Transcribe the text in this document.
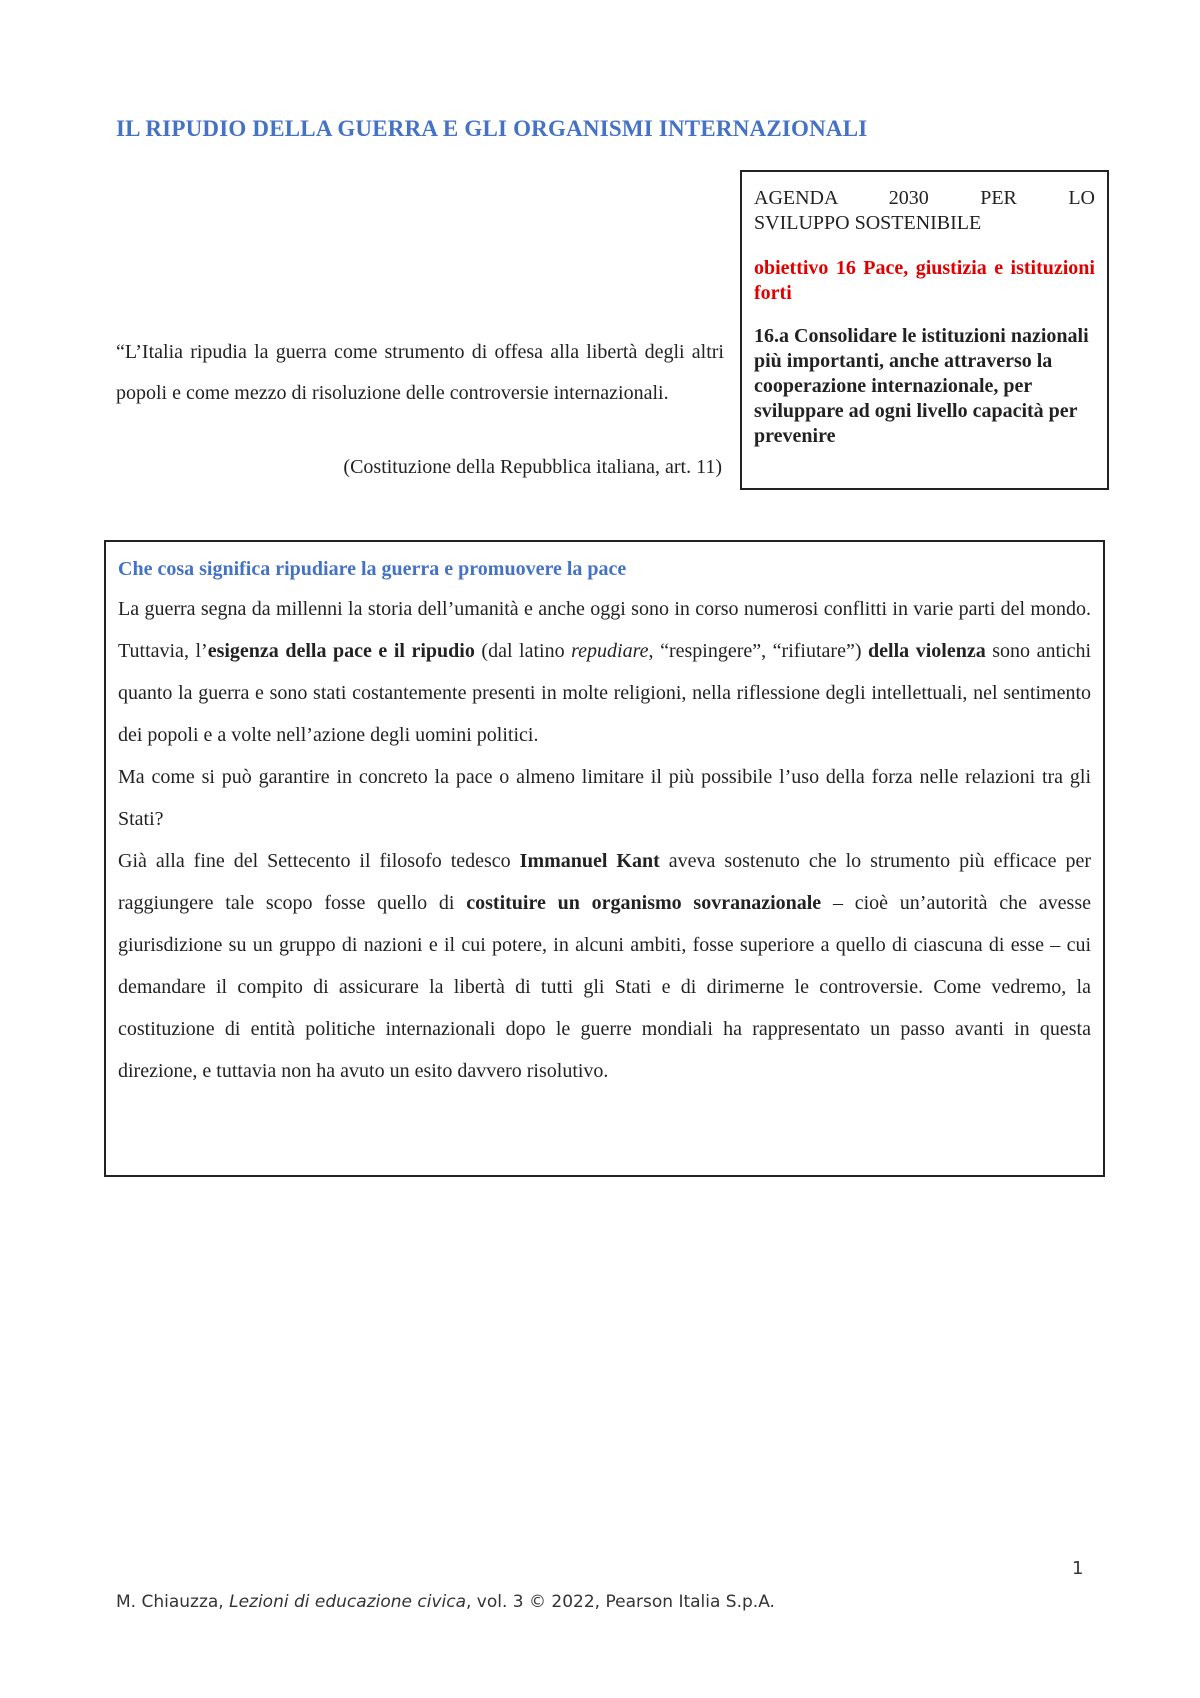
IL RIPUDIO DELLA GUERRA E GLI ORGANISMI INTERNAZIONALI
AGENDA 2030 PER LO
SVILUPPO SOSTENIBILE
obiettivo 16 Pace, giustizia e istituzioni forti
16.a Consolidare le istituzioni nazionali più importanti, anche attraverso la cooperazione internazionale, per sviluppare ad ogni livello capacità per prevenire
“L’Italia ripudia la guerra come strumento di offesa alla libertà degli altri popoli e come mezzo di risoluzione delle controversie internazionali.
(Costituzione della Repubblica italiana, art. 11)
Che cosa significa ripudiare la guerra e promuovere la pace

La guerra segna da millenni la storia dell’umanità e anche oggi sono in corso numerosi conflitti in varie parti del mondo. Tuttavia, l’esigenza della pace e il ripudio (dal latino repudiare, “respingere”, “rifiutare”) della violenza sono antichi quanto la guerra e sono stati costantemente presenti in molte religioni, nella riflessione degli intellettuali, nel sentimento dei popoli e a volte nell’azione degli uomini politici.

Ma come si può garantire in concreto la pace o almeno limitare il più possibile l’uso della forza nelle relazioni tra gli Stati?

Già alla fine del Settecento il filosofo tedesco Immanuel Kant aveva sostenuto che lo strumento più efficace per raggiungere tale scopo fosse quello di costituire un organismo sovranazionale – cioè un’autorità che avesse giurisdizione su un gruppo di nazioni e il cui potere, in alcuni ambiti, fosse superiore a quello di ciascuna di esse – cui demandare il compito di assicurare la libertà di tutti gli Stati e di dirimerne le controversie. Come vedremo, la costituzione di entità politiche internazionali dopo le guerre mondiali ha rappresentato un passo avanti in questa direzione, e tuttavia non ha avuto un esito davvero risolutivo.

1
M. Chiauzza, Lezioni di educazione civica, vol. 3 © 2022, Pearson Italia S.p.A.
